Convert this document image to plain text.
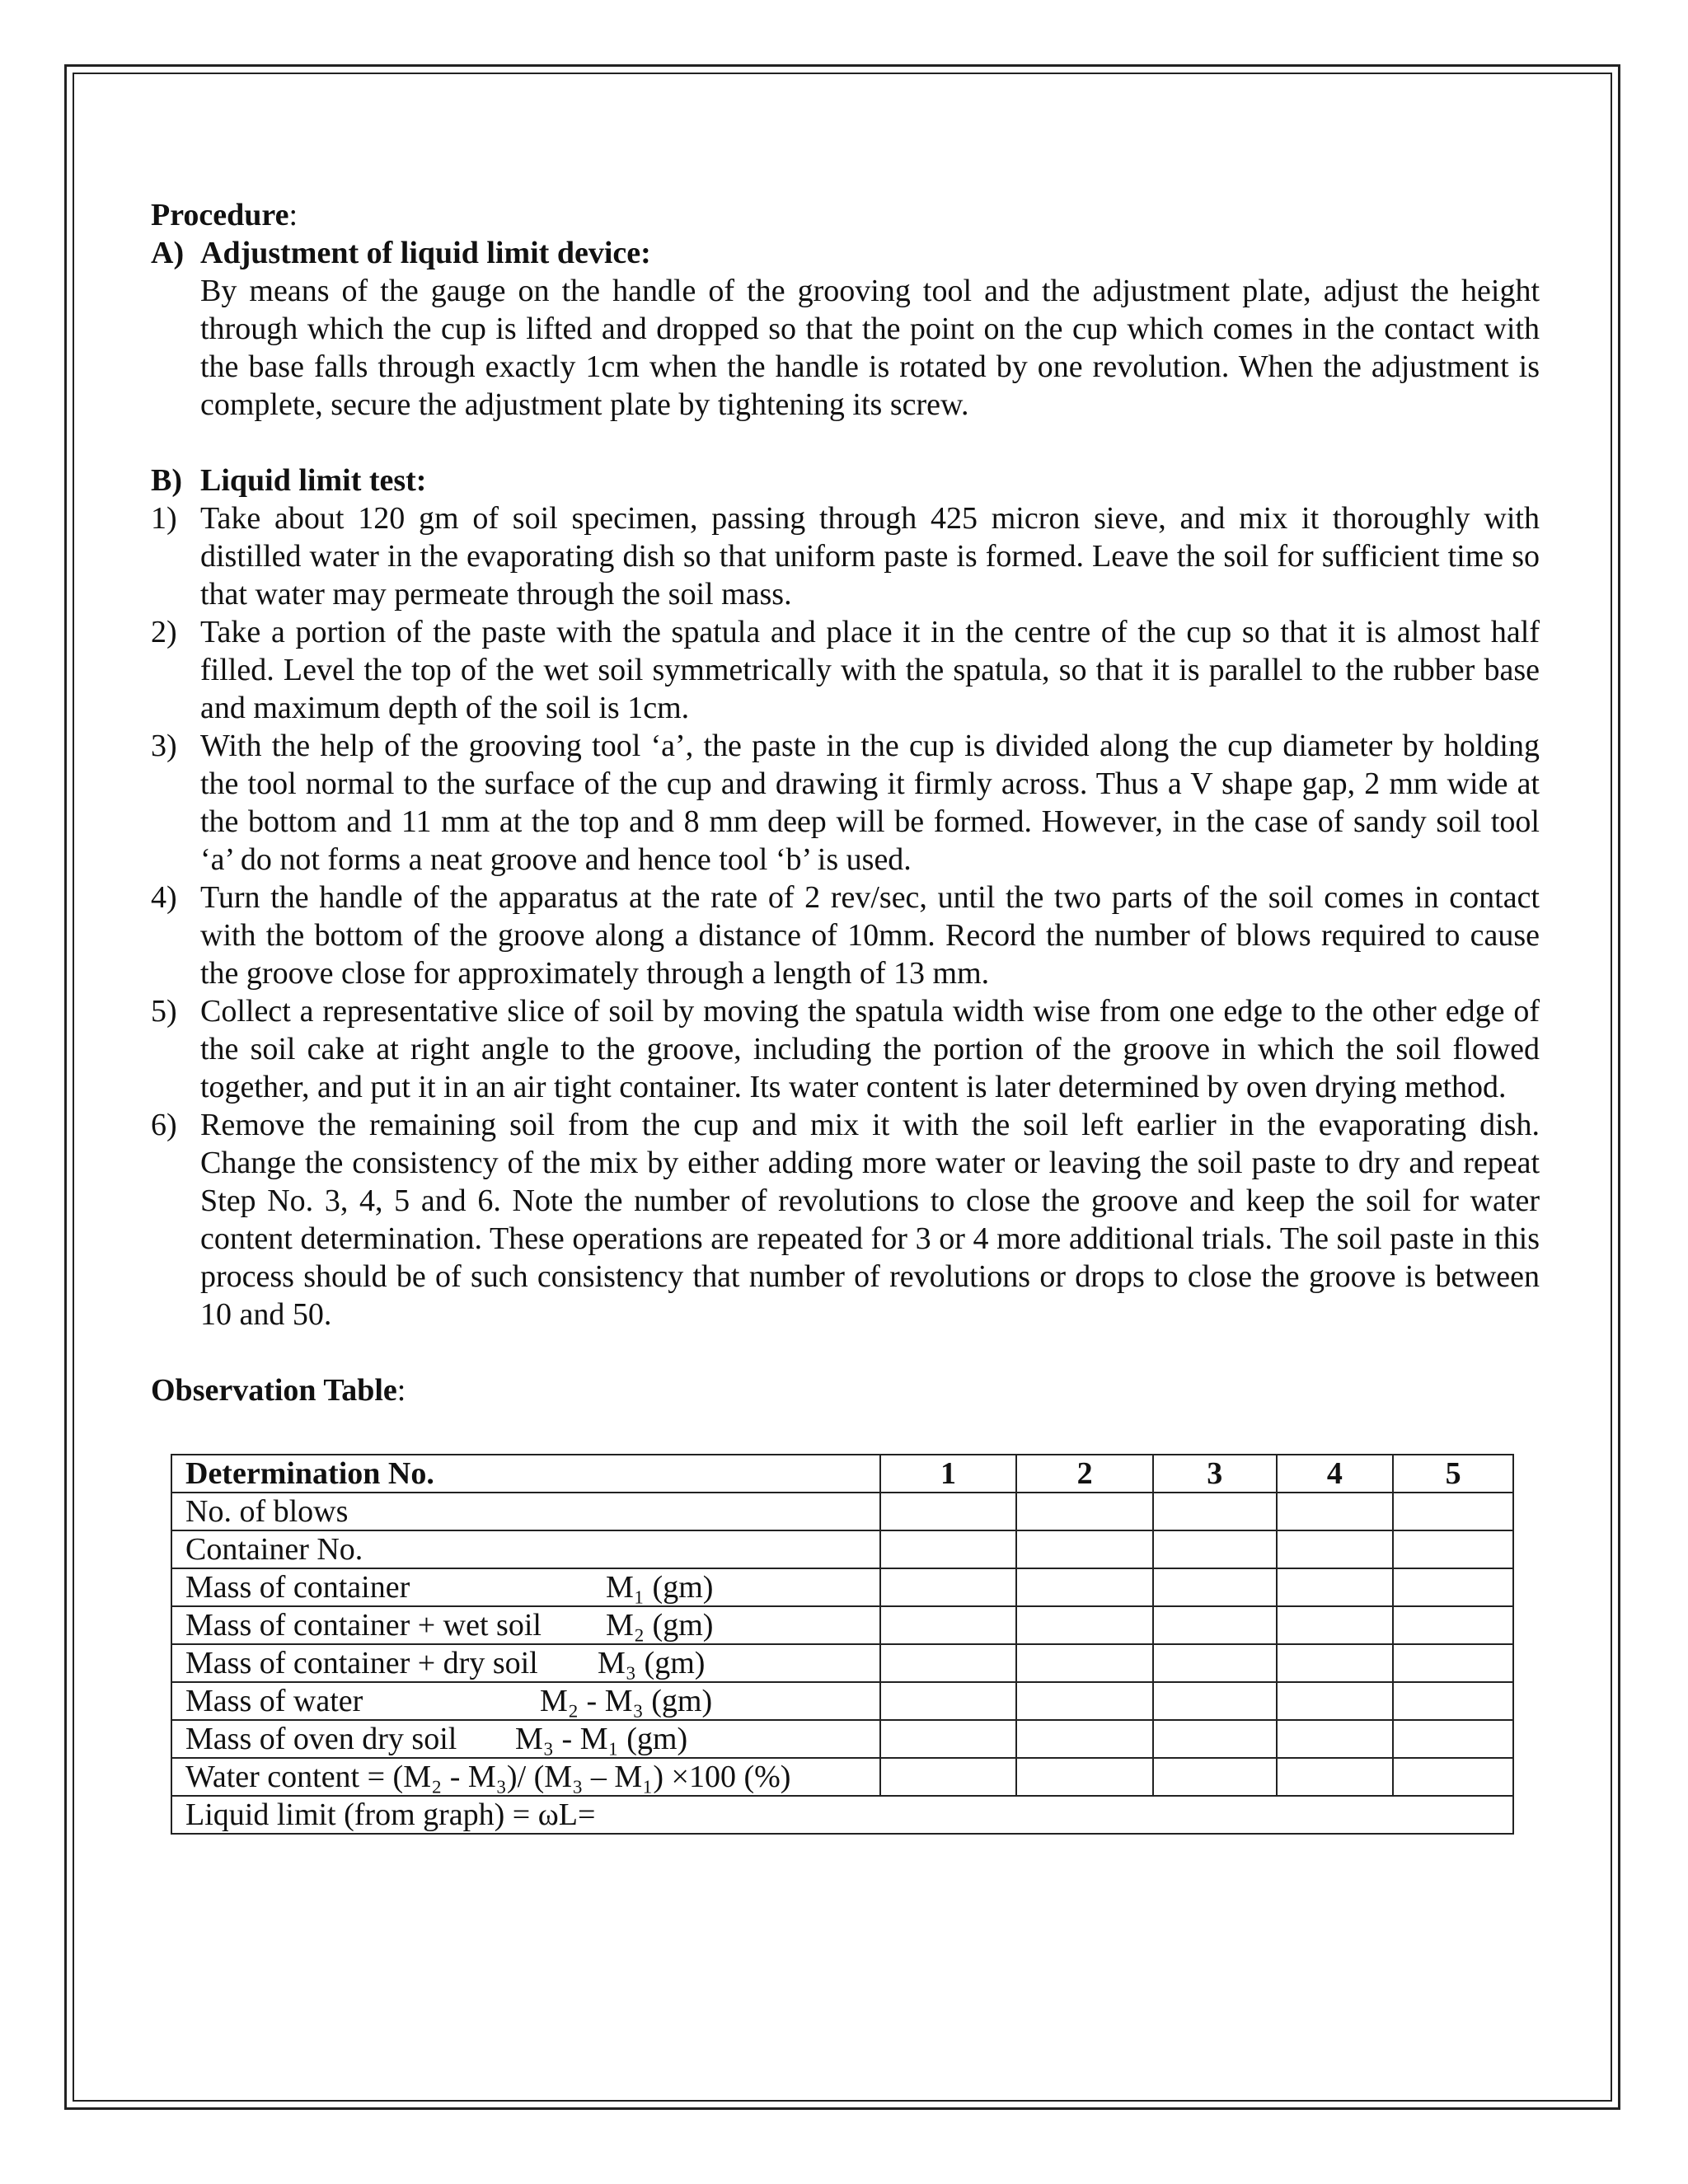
Procedure:

A) Adjustment of liquid limit device:

By means of the gauge on the handle of the grooving tool and the adjustment plate, adjust the height through which the cup is lifted and dropped so that the point on the cup which comes in the contact with the base falls through exactly 1cm when the handle is rotated by one revolution. When the adjustment is complete, secure the adjustment plate by tightening its screw.

B) Liquid limit test:

1) Take about 120 gm of soil specimen, passing through 425 micron sieve, and mix it thoroughly with distilled water in the evaporating dish so that uniform paste is formed. Leave the soil for sufficient time so that water may permeate through the soil mass.
2) Take a portion of the paste with the spatula and place it in the centre of the cup so that it is almost half filled. Level the top of the wet soil symmetrically with the spatula, so that it is parallel to the rubber base and maximum depth of the soil is 1cm.
3) With the help of the grooving tool ‘a’, the paste in the cup is divided along the cup diameter by holding the tool normal to the surface of the cup and drawing it firmly across. Thus a V shape gap, 2 mm wide at the bottom and 11 mm at the top and 8 mm deep will be formed. However, in the case of sandy soil tool ‘a’ do not forms a neat groove and hence tool ‘b’ is used.
4) Turn the handle of the apparatus at the rate of 2 rev/sec, until the two parts of the soil comes in contact with the bottom of the groove along a distance of 10mm. Record the number of blows required to cause the groove close for approximately through a length of 13 mm.
5) Collect a representative slice of soil by moving the spatula width wise from one edge to the other edge of the soil cake at right angle to the groove, including the portion of the groove in which the soil flowed together, and put it in an air tight container. Its water content is later determined by oven drying method.
6) Remove the remaining soil from the cup and mix it with the soil left earlier in the evaporating dish. Change the consistency of the mix by either adding more water or leaving the soil paste to dry and repeat Step No. 3, 4, 5 and 6. Note the number of revolutions to close the groove and keep the soil for water content determination. These operations are repeated for 3 or 4 more additional trials. The soil paste in this process should be of such consistency that number of revolutions or drops to close the groove is between 10 and 50.

Observation Table:

Determination No.	1	2	3	4	5
No. of blows					
Container No.					
Mass of container M₁ (gm)					
Mass of container + wet soil M₂ (gm)					
Mass of container + dry soil M₃ (gm)					
Mass of water M₂ - M₃ (gm)					
Mass of oven dry soil M₃ - M₁ (gm)					
Water content = (M₂ - M₃)/ (M₃ – M₁) ×100 (%)					
Liquid limit (from graph) = ωL=					
